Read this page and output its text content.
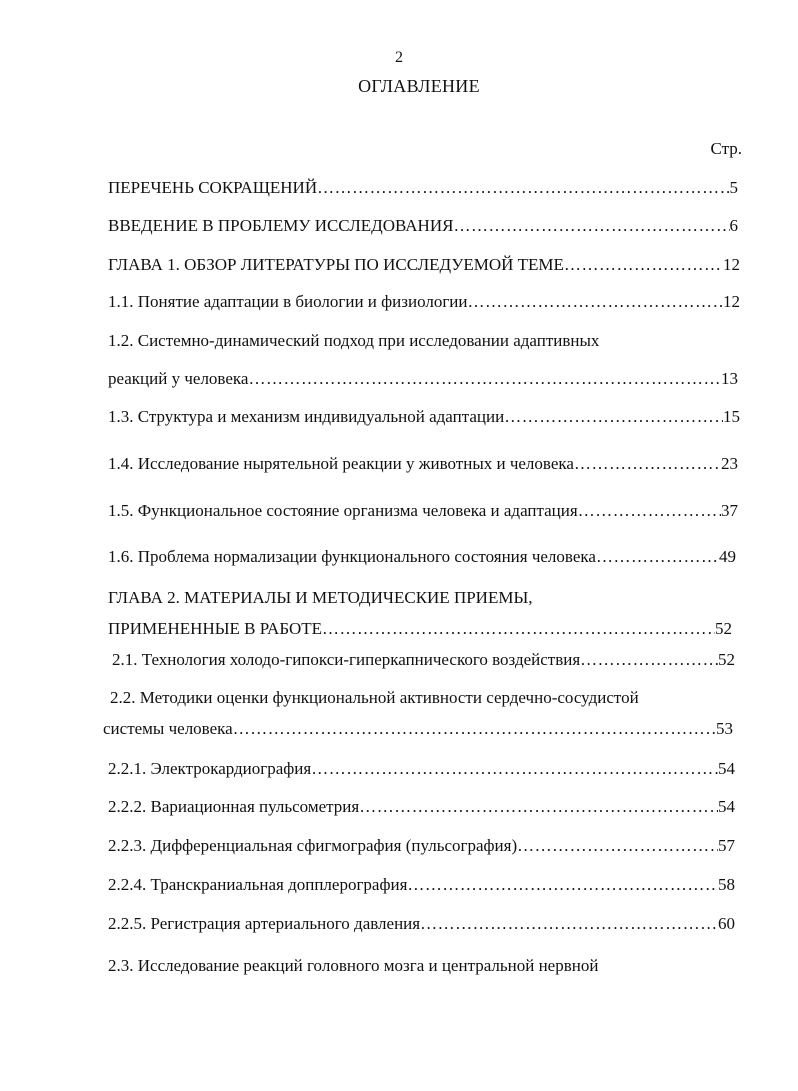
2
ОГЛАВЛЕНИЕ
Стр.
ПЕРЕЧЕНЬ СОКРАЩЕНИЙ …………………………………………………………………………………………………………………………………………………………………………………………	5
ВВЕДЕНИЕ В ПРОБЛЕМУ ИССЛЕДОВАНИЯ …………………………………………………………………………………………………………………………………………………………………………………………	6
ГЛАВА 1. ОБЗОР ЛИТЕРАТУРЫ ПО ИССЛЕДУЕМОЙ ТЕМЕ …………………………………………………………………………………………………………………………………………………………………………………………	12
1.1. Понятие адаптации в биологии и физиологии …………………………………………………………………………………………………………………………………………………………………………………………	12
1.2. Системно-динамический подход при исследовании адаптивных
реакций у человека …………………………………………………………………………………………………………………………………………………………………………………………	13
1.3. Структура и механизм индивидуальной адаптации …………………………………………………………………………………………………………………………………………………………………………………………	15
1.4. Исследование нырятельной реакции у животных и человека …………………………………………………………………………………………………………………………………………………………………………………………	23
1.5. Функциональное состояние организма человека и адаптация …………………………………………………………………………………………………………………………………………………………………………………………	37
1.6. Проблема нормализации функционального состояния человека …………………………………………………………………………………………………………………………………………………………………………………………	49
ГЛАВА 2. МАТЕРИАЛЫ И МЕТОДИЧЕСКИЕ ПРИЕМЫ,
ПРИМЕНЕННЫЕ В РАБОТЕ …………………………………………………………………………………………………………………………………………………………………………………………	52
2.1. Технология холодо-гипокси-гиперкапнического воздействия …………………………………………………………………………………………………………………………………………………………………………………………	52
2.2. Методики оценки функциональной активности сердечно-сосудистой
системы человека …………………………………………………………………………………………………………………………………………………………………………………………	53
2.2.1. Электрокардиография …………………………………………………………………………………………………………………………………………………………………………………………	54
2.2.2. Вариационная пульсометрия …………………………………………………………………………………………………………………………………………………………………………………………	54
2.2.3. Дифференциальная сфигмография (пульсография) …………………………………………………………………………………………………………………………………………………………………………………………	57
2.2.4. Транскраниальная допплерография …………………………………………………………………………………………………………………………………………………………………………………………	58
2.2.5. Регистрация артериального давления …………………………………………………………………………………………………………………………………………………………………………………………	60
2.3. Исследование реакций головного мозга и центральной нервной
